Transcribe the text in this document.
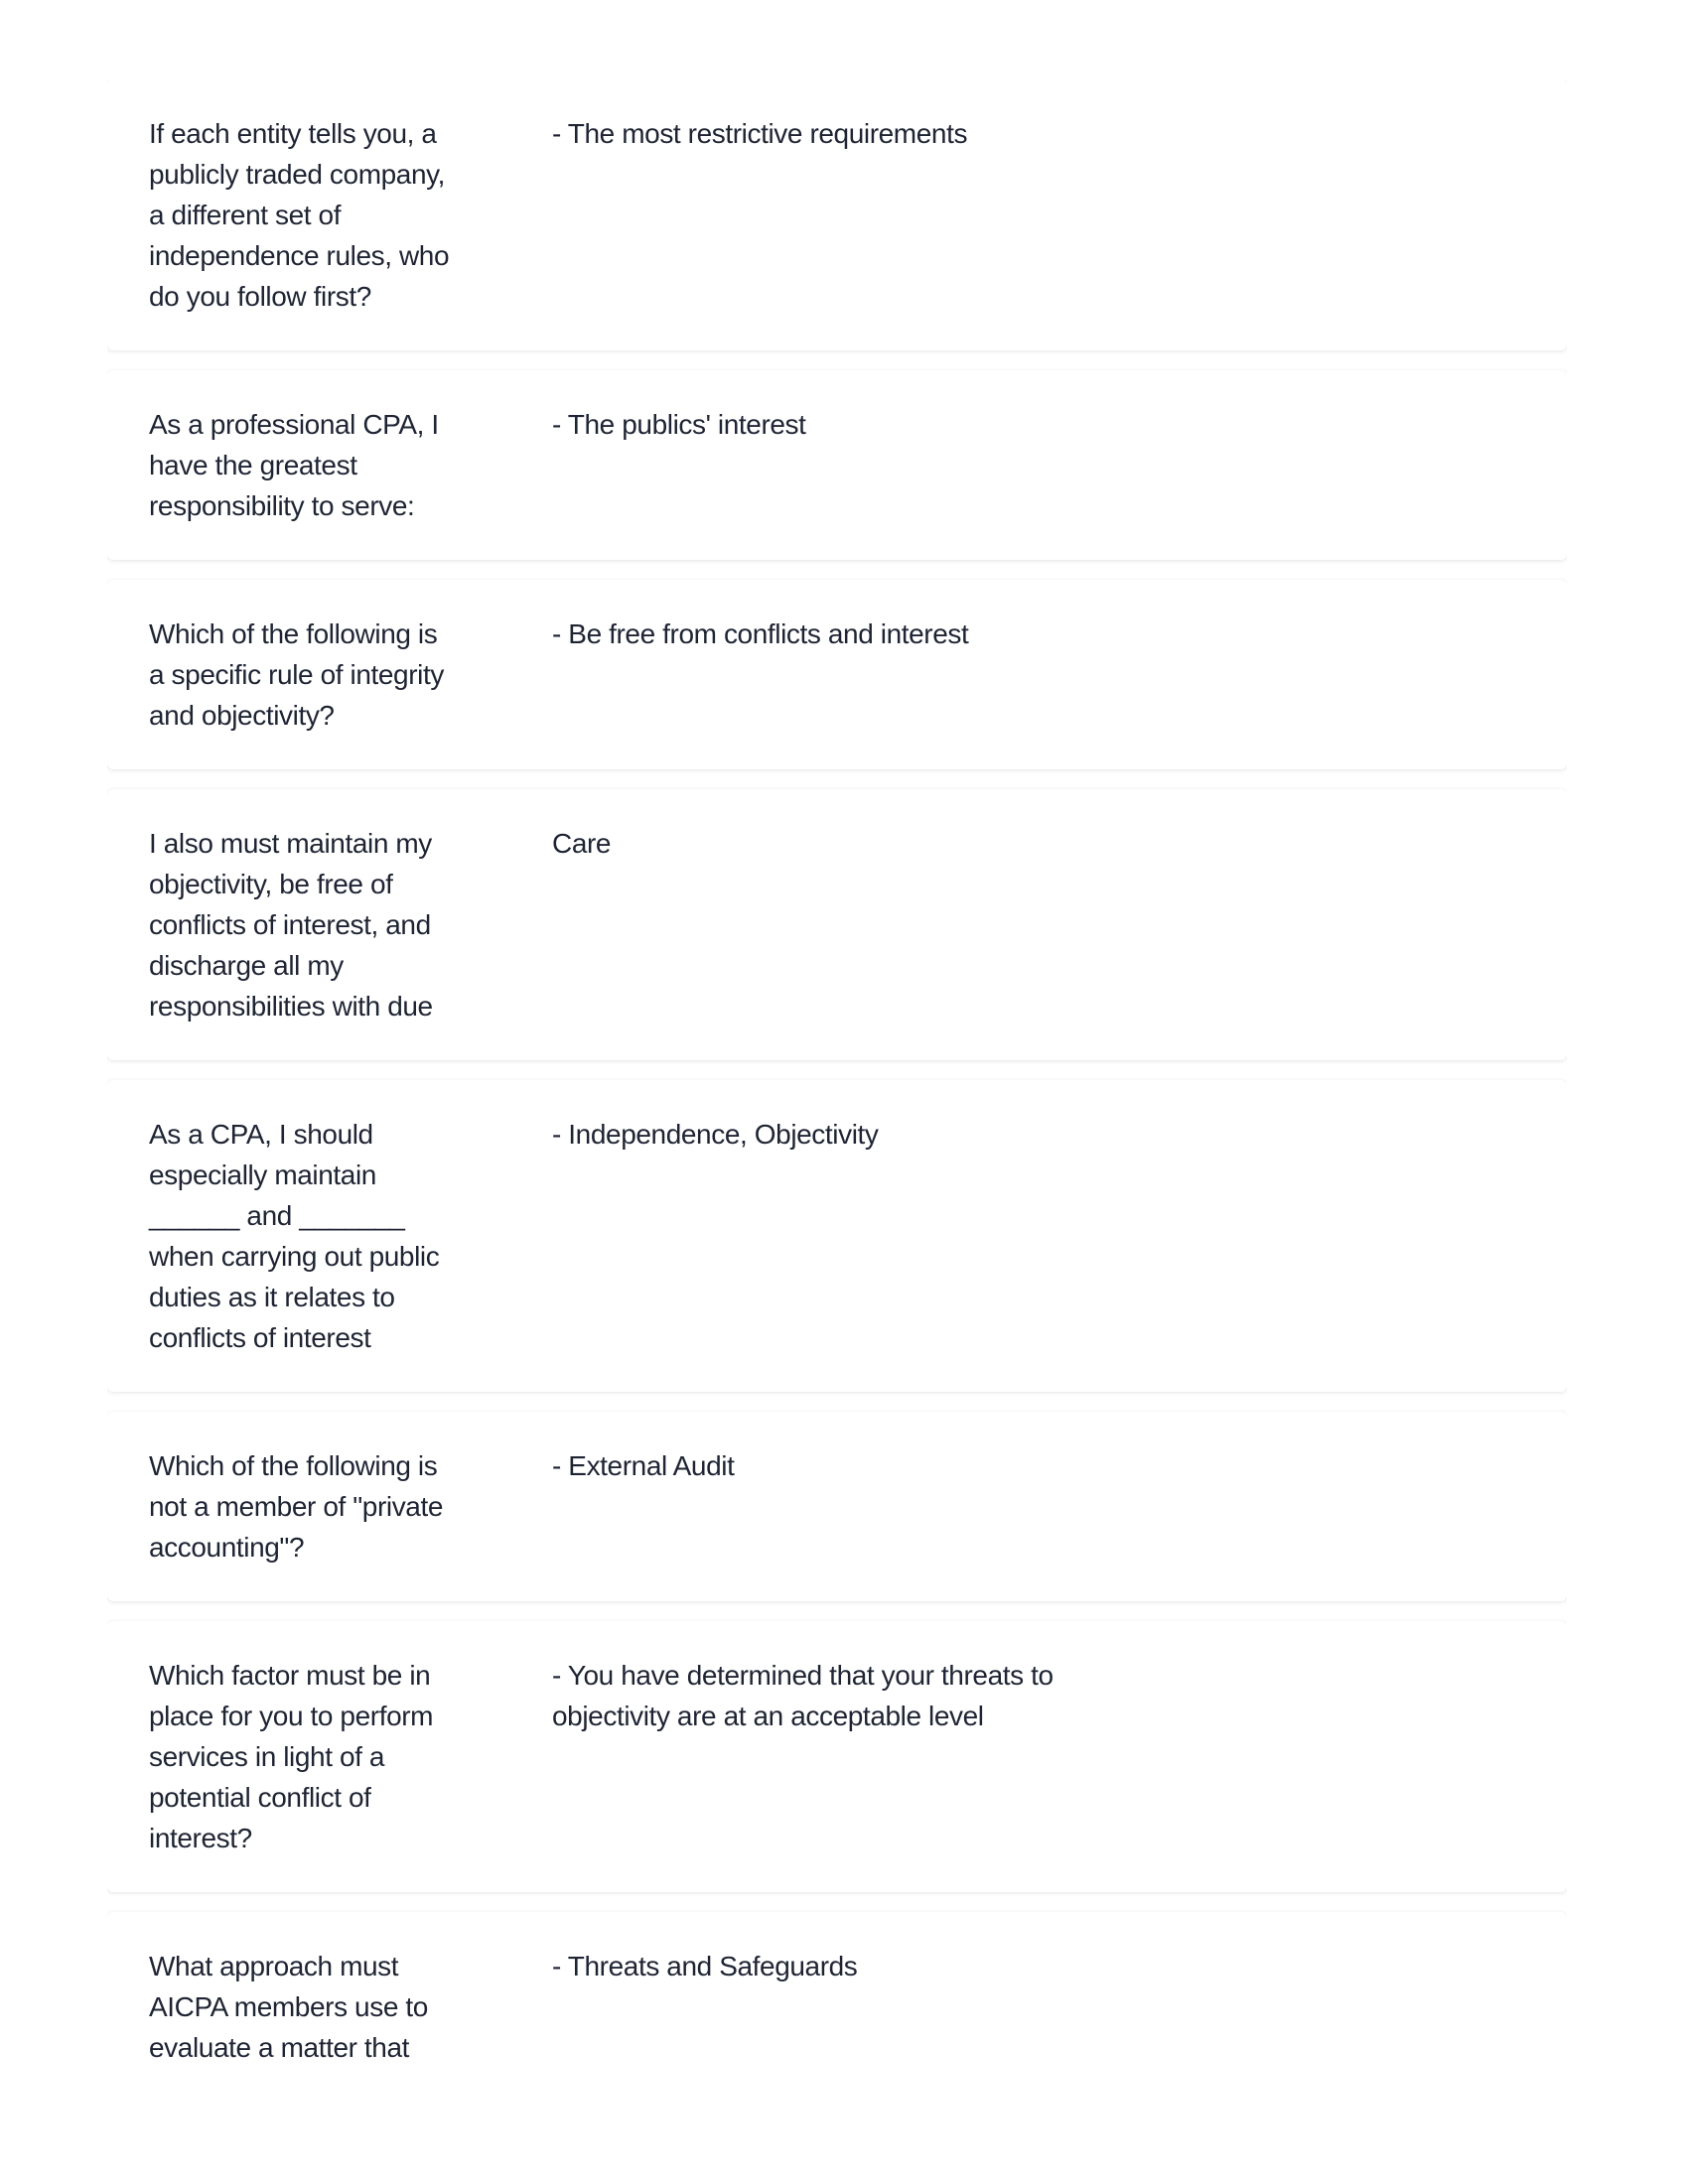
If each entity tells you, a
publicly traded company,
a different set of
independence rules, who
do you follow first?
- The most restrictive requirements
As a professional CPA, I
have the greatest
responsibility to serve:
- The publics' interest
Which of the following is
a specific rule of integrity
and objectivity?
- Be free from conflicts and interest
I also must maintain my
objectivity, be free of
conflicts of interest, and
discharge all my
responsibilities with due
Care
As a CPA, I should
especially maintain
______ and _______
when carrying out public
duties as it relates to
conflicts of interest
- Independence, Objectivity
Which of the following is
not a member of "private
accounting"?
- External Audit
Which factor must be in
place for you to perform
services in light of a
potential conflict of
interest?
- You have determined that your threats to
objectivity are at an acceptable level
What approach must
AICPA members use to
evaluate a matter that
- Threats and Safeguards
